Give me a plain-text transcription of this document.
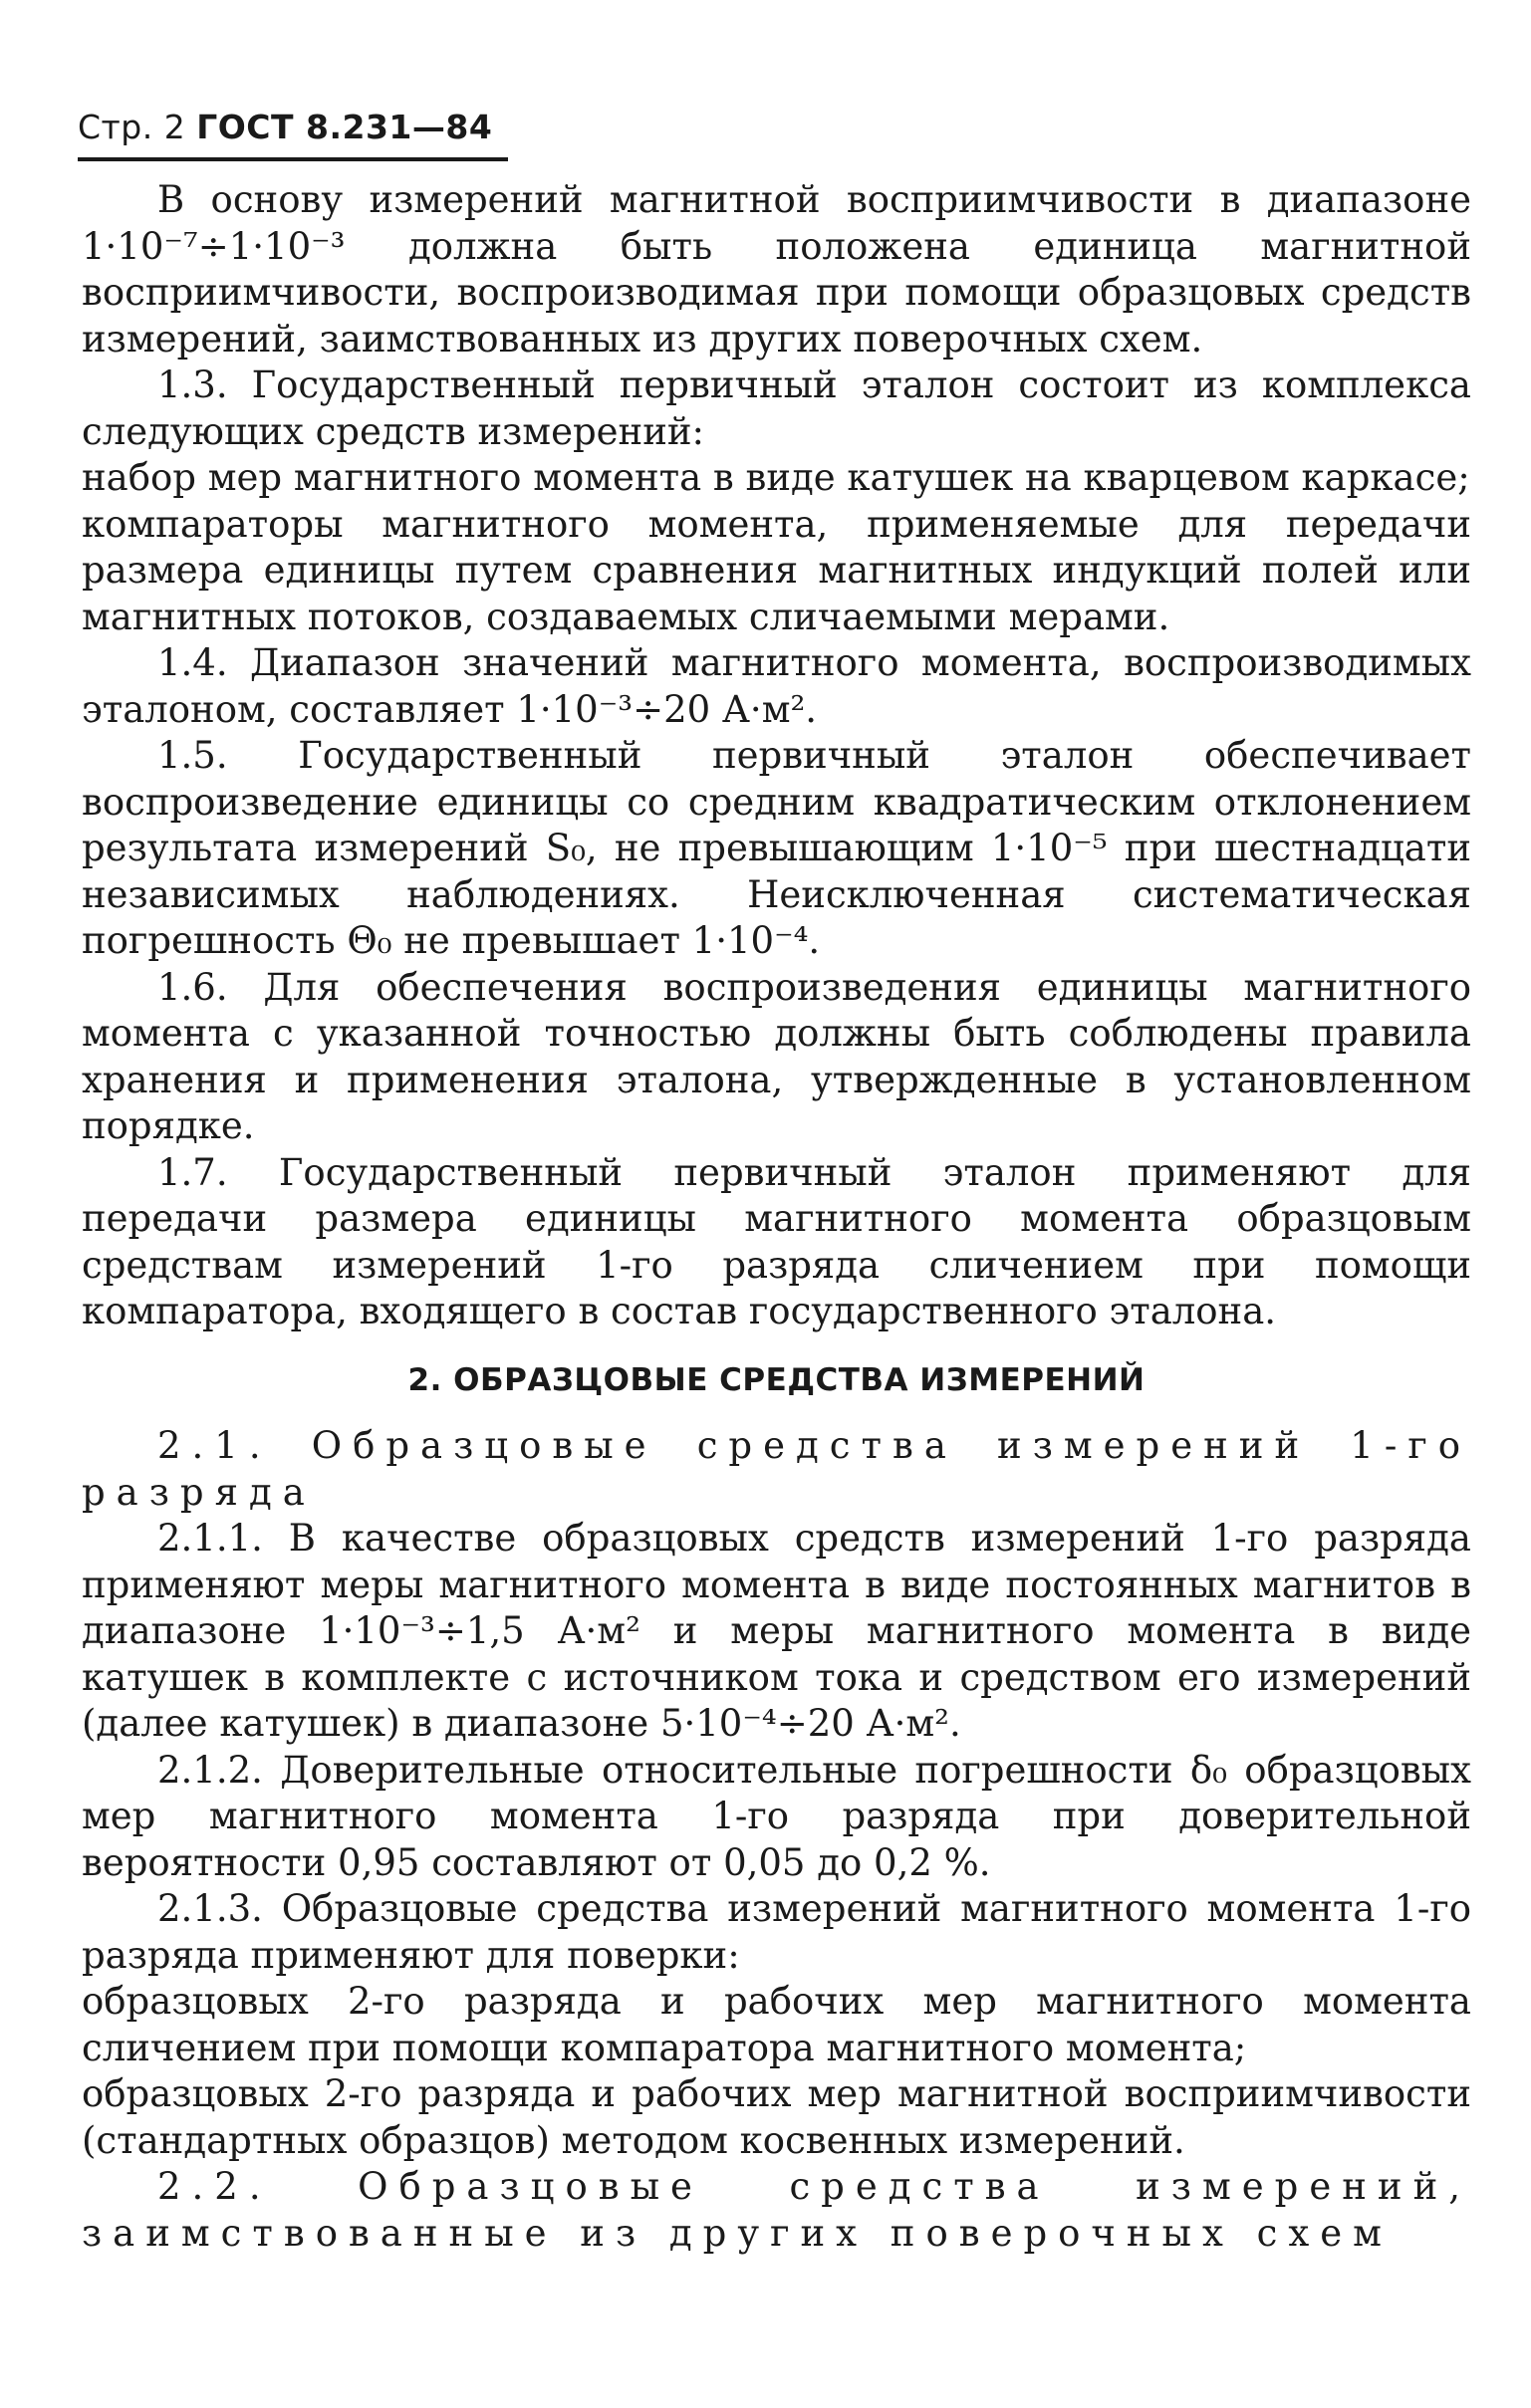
Стр. 2 ГОСТ 8.231—84

В основу измерений магнитной восприимчивости в диапазоне 1·10⁻⁷÷1·10⁻³ должна быть положена единица магнитной восприимчивости, воспроизводимая при помощи образцовых средств измерений, заимствованных из других поверочных схем.

1.3. Государственный первичный эталон состоит из комплекса следующих средств измерений:

набор мер магнитного момента в виде катушек на кварцевом каркасе;

компараторы магнитного момента, применяемые для передачи размера единицы путем сравнения магнитных индукций полей или магнитных потоков, создаваемых сличаемыми мерами.

1.4. Диапазон значений магнитного момента, воспроизводимых эталоном, составляет 1·10⁻³÷20 А·м².

1.5. Государственный первичный эталон обеспечивает воспроизведение единицы со средним квадратическим отклонением результата измерений S₀, не превышающим 1·10⁻⁵ при шестнадцати независимых наблюдениях. Неисключенная систематическая погрешность Θ₀ не превышает 1·10⁻⁴.

1.6. Для обеспечения воспроизведения единицы магнитного момента с указанной точностью должны быть соблюдены правила хранения и применения эталона, утвержденные в установленном порядке.

1.7. Государственный первичный эталон применяют для передачи размера единицы магнитного момента образцовым средствам измерений 1-го разряда сличением при помощи компаратора, входящего в состав государственного эталона.

2. ОБРАЗЦОВЫЕ СРЕДСТВА ИЗМЕРЕНИЙ

2.1. Образцовые средства измерений 1-го разряда

2.1.1. В качестве образцовых средств измерений 1-го разряда применяют меры магнитного момента в виде постоянных магнитов в диапазоне 1·10⁻³÷1,5 А·м² и меры магнитного момента в виде катушек в комплекте с источником тока и средством его измерений (далее катушек) в диапазоне 5·10⁻⁴÷20 А·м².

2.1.2. Доверительные относительные погрешности δ₀ образцовых мер магнитного момента 1-го разряда при доверительной вероятности 0,95 составляют от 0,05 до 0,2 %.

2.1.3. Образцовые средства измерений магнитного момента 1-го разряда применяют для поверки:

образцовых 2-го разряда и рабочих мер магнитного момента сличением при помощи компаратора магнитного момента;

образцовых 2-го разряда и рабочих мер магнитной восприимчивости (стандартных образцов) методом косвенных измерений.

2.2. Образцовые средства измерений, заимствованные из других поверочных схем
